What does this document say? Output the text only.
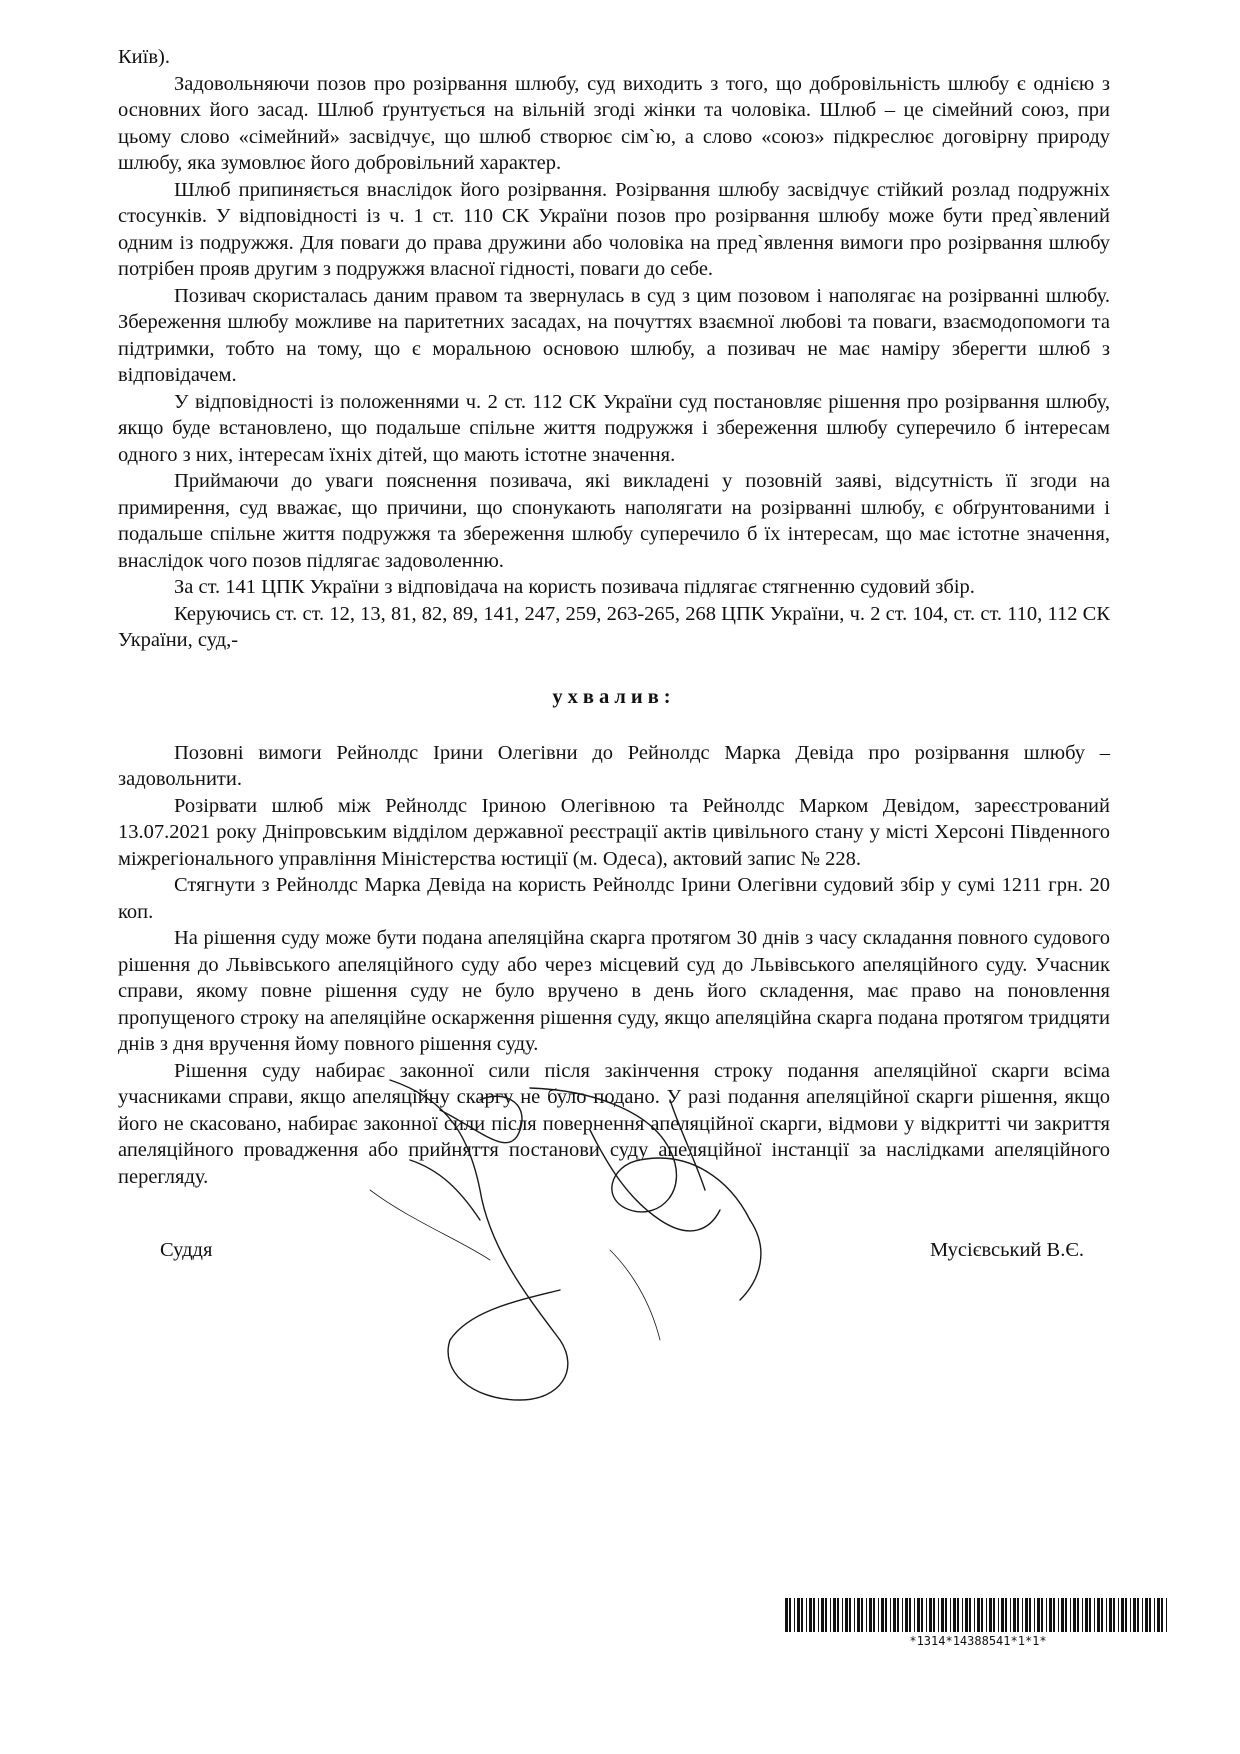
Київ).

Задовольняючи позов про розірвання шлюбу, суд виходить з того, що добровільність шлюбу є однією з основних його засад. Шлюб ґрунтується на вільній згоді жінки та чоловіка. Шлюб – це сімейний союз, при цьому слово «сімейний» засвідчує, що шлюб створює сім`ю, а слово «союз» підкреслює договірну природу шлюбу, яка зумовлює його добровільний характер.

Шлюб припиняється внаслідок його розірвання. Розірвання шлюбу засвідчує стійкий розлад подружніх стосунків. У відповідності із ч. 1 ст. 110 СК України позов про розірвання шлюбу може бути пред`явлений одним із подружжя. Для поваги до права дружини або чоловіка на пред`явлення вимоги про розірвання шлюбу потрібен прояв другим з подружжя власної гідності, поваги до себе.

Позивач скористалась даним правом та звернулась в суд з цим позовом і наполягає на розірванні шлюбу. Збереження шлюбу можливе на паритетних засадах, на почуттях взаємної любові та поваги, взаємодопомоги та підтримки, тобто на тому, що є моральною основою шлюбу, а позивач не має наміру зберегти шлюб з відповідачем.

У відповідності із положеннями ч. 2 ст. 112 СК України суд постановляє рішення про розірвання шлюбу, якщо буде встановлено, що подальше спільне життя подружжя і збереження шлюбу суперечило б інтересам одного з них, інтересам їхніх дітей, що мають істотне значення.

Приймаючи до уваги пояснення позивача, які викладені у позовній заяві, відсутність її згоди на примирення, суд вважає, що причини, що спонукають наполягати на розірванні шлюбу, є обґрунтованими і подальше спільне життя подружжя та збереження шлюбу суперечило б їх інтересам, що має істотне значення, внаслідок чого позов підлягає задоволенню.

За ст. 141 ЦПК України з відповідача на користь позивача підлягає стягненню судовий збір.

Керуючись ст. ст. 12, 13, 81, 82, 89, 141, 247, 259, 263-265, 268 ЦПК України, ч. 2 ст. 104, ст. ст. 110, 112 СК України, суд,-

ухвалив:

Позовні вимоги Рейнолдс Ірини Олегівни до Рейнолдс Марка Девіда про розірвання шлюбу – задовольнити.

Розірвати шлюб між Рейнолдс Іриною Олегівною та Рейнолдс Марком Девідом, зареєстрований 13.07.2021 року Дніпровським відділом державної реєстрації актів цивільного стану у місті Херсоні Південного міжрегіонального управління Міністерства юстиції (м. Одеса), актовий запис № 228.

Стягнути з Рейнолдс Марка Девіда на користь Рейнолдс Ірини Олегівни судовий збір у сумі 1211 грн. 20 коп.

На рішення суду може бути подана апеляційна скарга протягом 30 днів з часу складання повного судового рішення до Львівського апеляційного суду або через місцевий суд до Львівського апеляційного суду. Учасник справи, якому повне рішення суду не було вручено в день його складення, має право на поновлення пропущеного строку на апеляційне оскарження рішення суду, якщо апеляційна скарга подана протягом тридцяти днів з дня вручення йому повного рішення суду.

Рішення суду набирає законної сили після закінчення строку подання апеляційної скарги всіма учасниками справи, якщо апеляційну скаргу не було подано. У разі подання апеляційної скарги рішення, якщо його не скасовано, набирає законної сили після повернення апеляційної скарги, відмови у відкритті чи закриття апеляційного провадження або прийняття постанови суду апеляційної інстанції за наслідками апеляційного перегляду.

Суддя	Мусієвський В.Є.
*1314*14388541*1*1*
